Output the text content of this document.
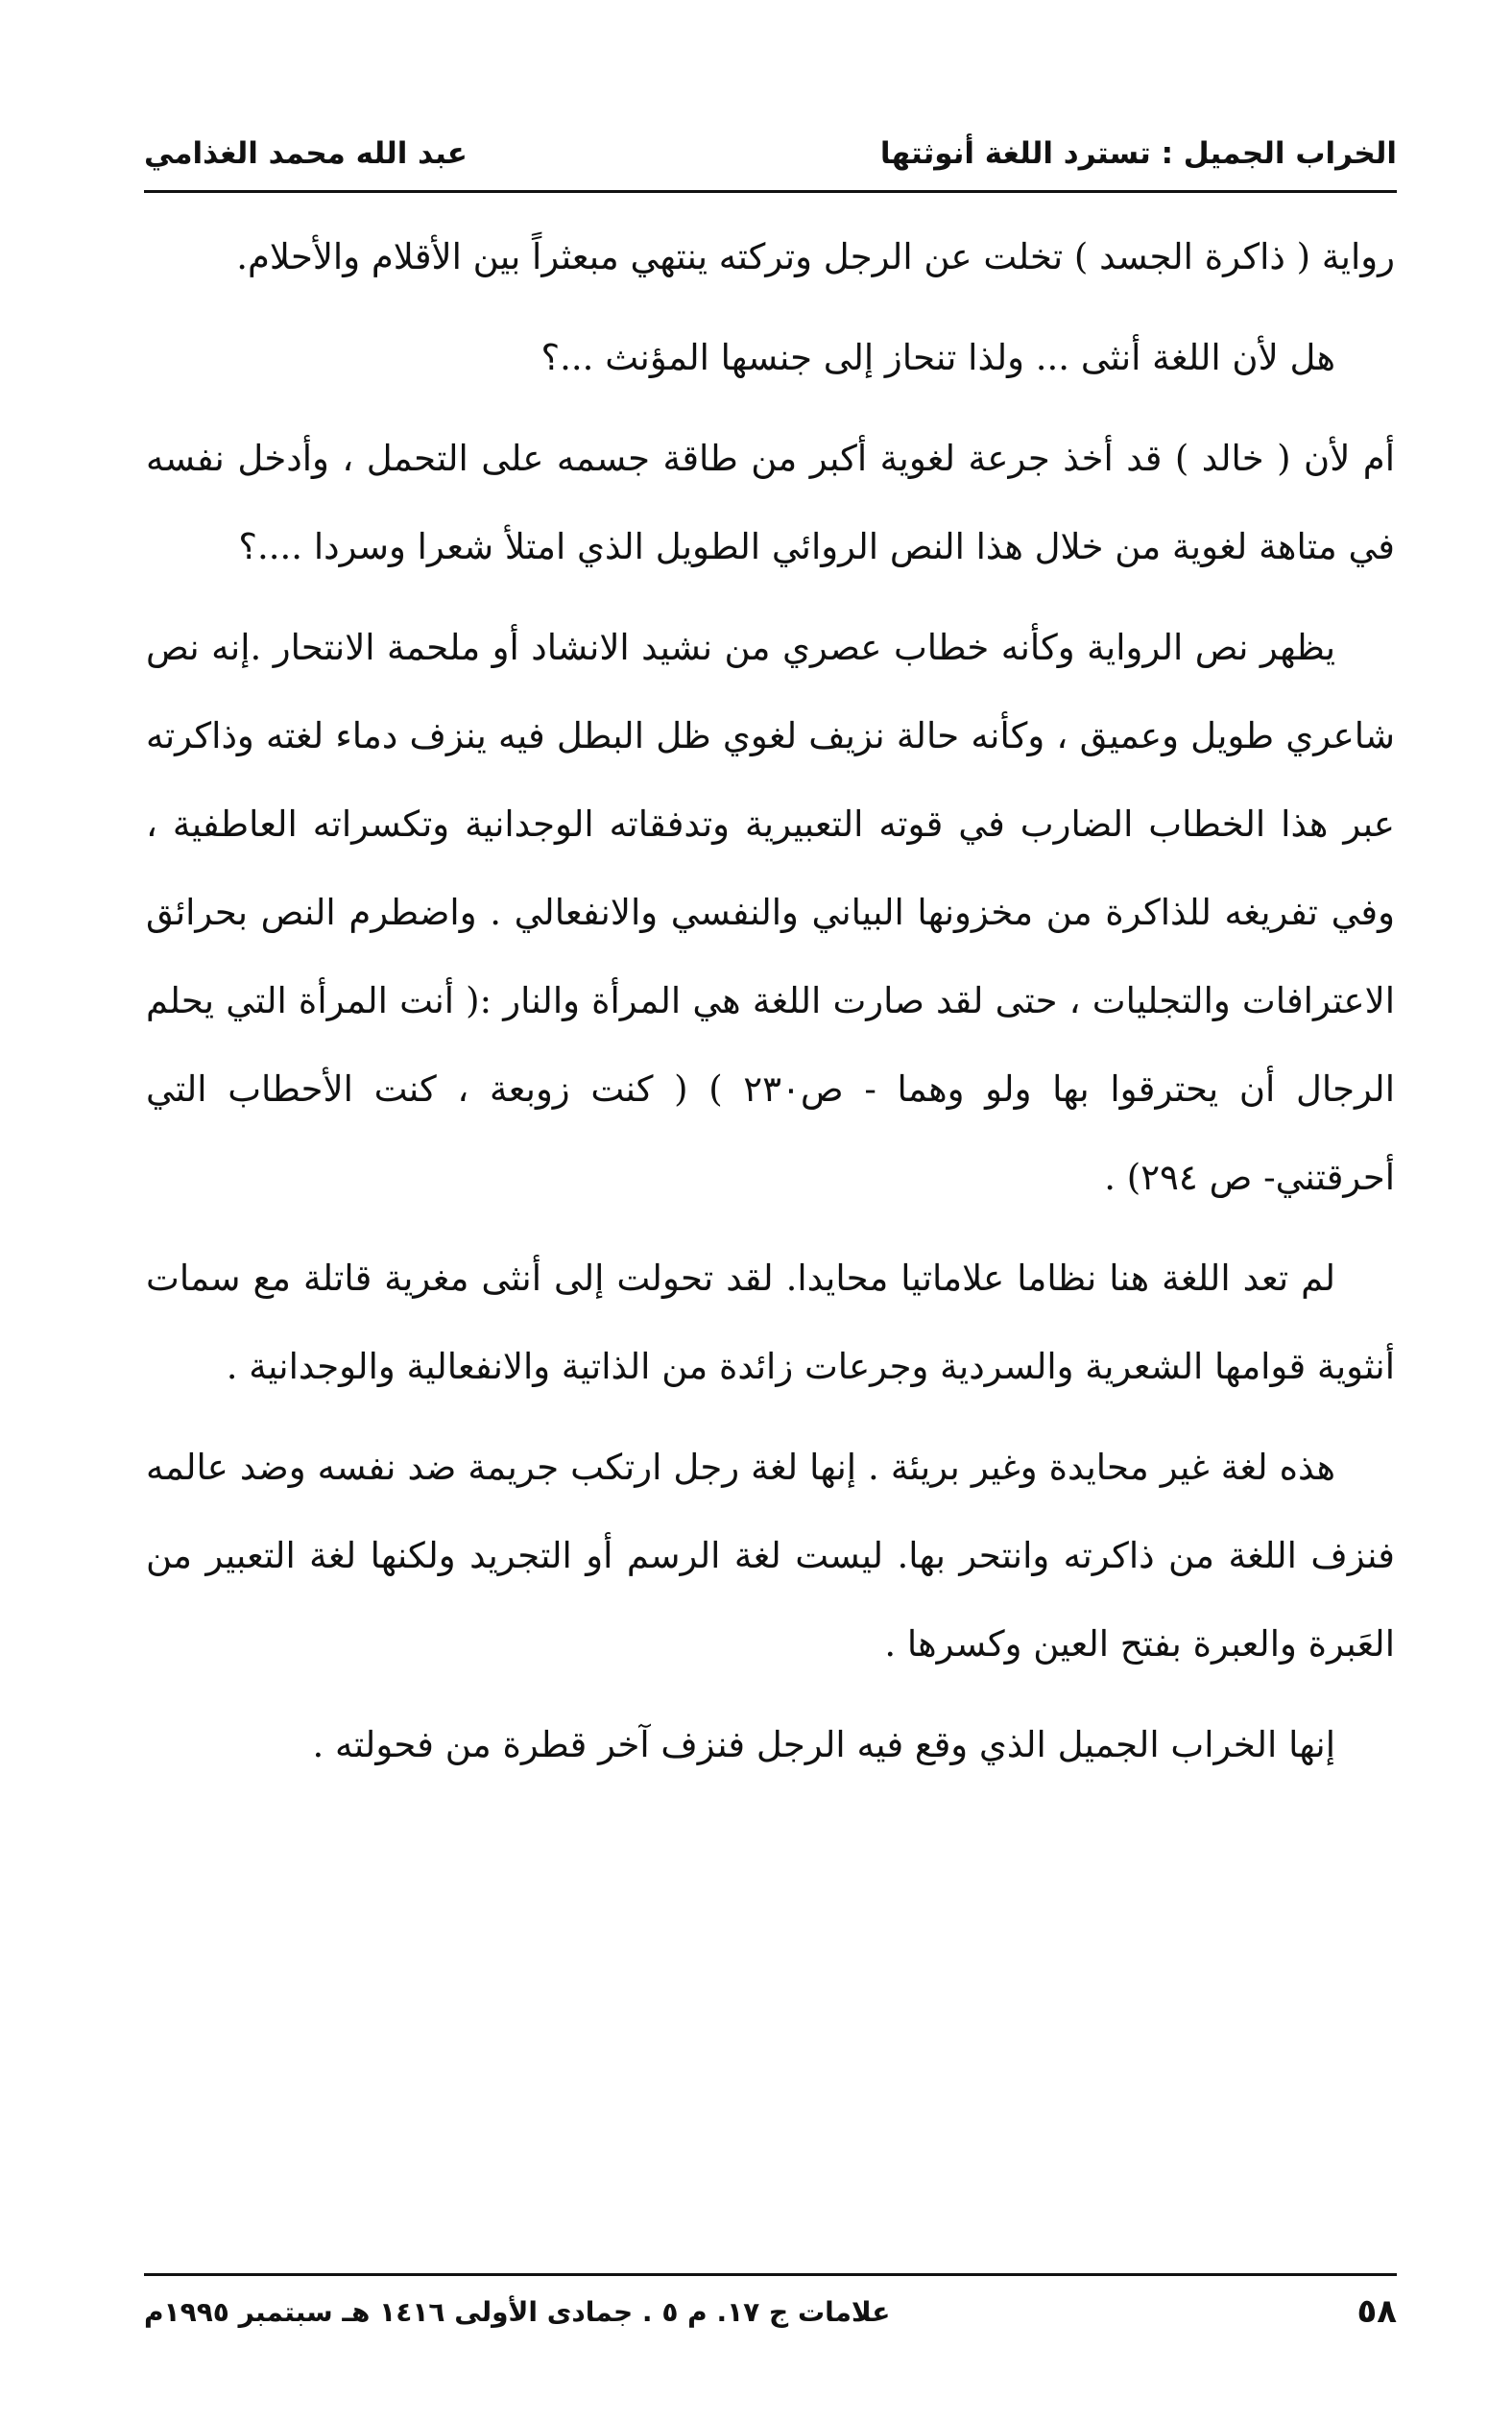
الخراب الجميل : تسترد اللغة أنوثتها
عبد الله محمد الغذامي

رواية ( ذاكرة الجسد ) تخلت عن الرجل وتركته ينتهي مبعثراً بين الأقلام والأحلام.

هل لأن اللغة أنثى ... ولذا تنحاز إلى جنسها المؤنث ...؟

أم لأن ( خالد ) قد أخذ جرعة لغوية أكبر من طاقة جسمه على التحمل ، وأدخل نفسه في متاهة لغوية من خلال هذا النص الروائي الطويل الذي امتلأ شعرا وسردا ....؟

يظهر نص الرواية وكأنه خطاب عصري من نشيد الانشاد أو ملحمة الانتحار .إنه نص شاعري طويل وعميق ، وكأنه حالة نزيف لغوي ظل البطل فيه ينزف دماء لغته وذاكرته عبر هذا الخطاب الضارب في قوته التعبيرية وتدفقاته الوجدانية وتكسراته العاطفية ، وفي تفريغه للذاكرة من مخزونها البياني والنفسي والانفعالي . واضطرم النص بحرائق الاعترافات والتجليات ، حتى لقد صارت اللغة هي المرأة والنار :( أنت المرأة التي يحلم الرجال أن يحترقوا بها ولو وهما - ص٢٣٠ ) ( كنت زوبعة ، كنت الأحطاب التي أحرقتني- ص ٢٩٤) .

لم تعد اللغة هنا نظاما علاماتيا محايدا. لقد تحولت إلى أنثى مغرية قاتلة مع سمات أنثوية قوامها الشعرية والسردية وجرعات زائدة من الذاتية والانفعالية والوجدانية .

هذه لغة غير محايدة وغير بريئة . إنها لغة رجل ارتكب جريمة ضد نفسه وضد عالمه فنزف اللغة من ذاكرته وانتحر بها. ليست لغة الرسم أو التجريد ولكنها لغة التعبير من العَبرة والعبرة بفتح العين وكسرها .

إنها الخراب الجميل الذي وقع فيه الرجل فنزف آخر قطرة من فحولته .

٥٨
علامات ج ١٧. م ٥ . جمادى الأولى ١٤١٦ هـ سبتمبر ١٩٩٥م
